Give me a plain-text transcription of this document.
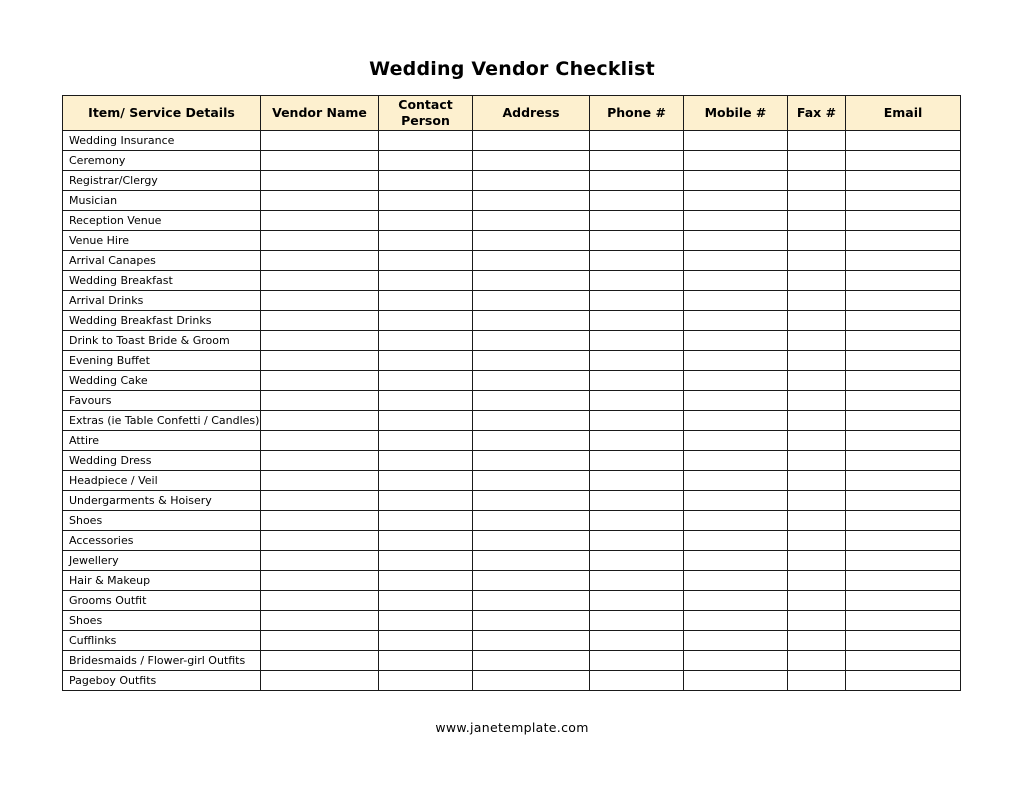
Wedding Vendor Checklist
Item/ Service Details	Vendor Name	Contact Person	Address	Phone #	Mobile #	Fax #	Email
Wedding Insurance							
Ceremony							
Registrar/Clergy							
Musician							
Reception Venue							
Venue Hire							
Arrival Canapes							
Wedding Breakfast							
Arrival Drinks							
Wedding Breakfast Drinks							
Drink to Toast Bride & Groom							
Evening Buffet							
Wedding Cake							
Favours							
Extras (ie Table Confetti / Candles)							
Attire							
Wedding Dress							
Headpiece / Veil							
Undergarments & Hoisery							
Shoes							
Accessories							
Jewellery							
Hair & Makeup							
Grooms Outfit							
Shoes							
Cufflinks							
Bridesmaids / Flower-girl Outfits							
Pageboy Outfits							
www.janetemplate.com
